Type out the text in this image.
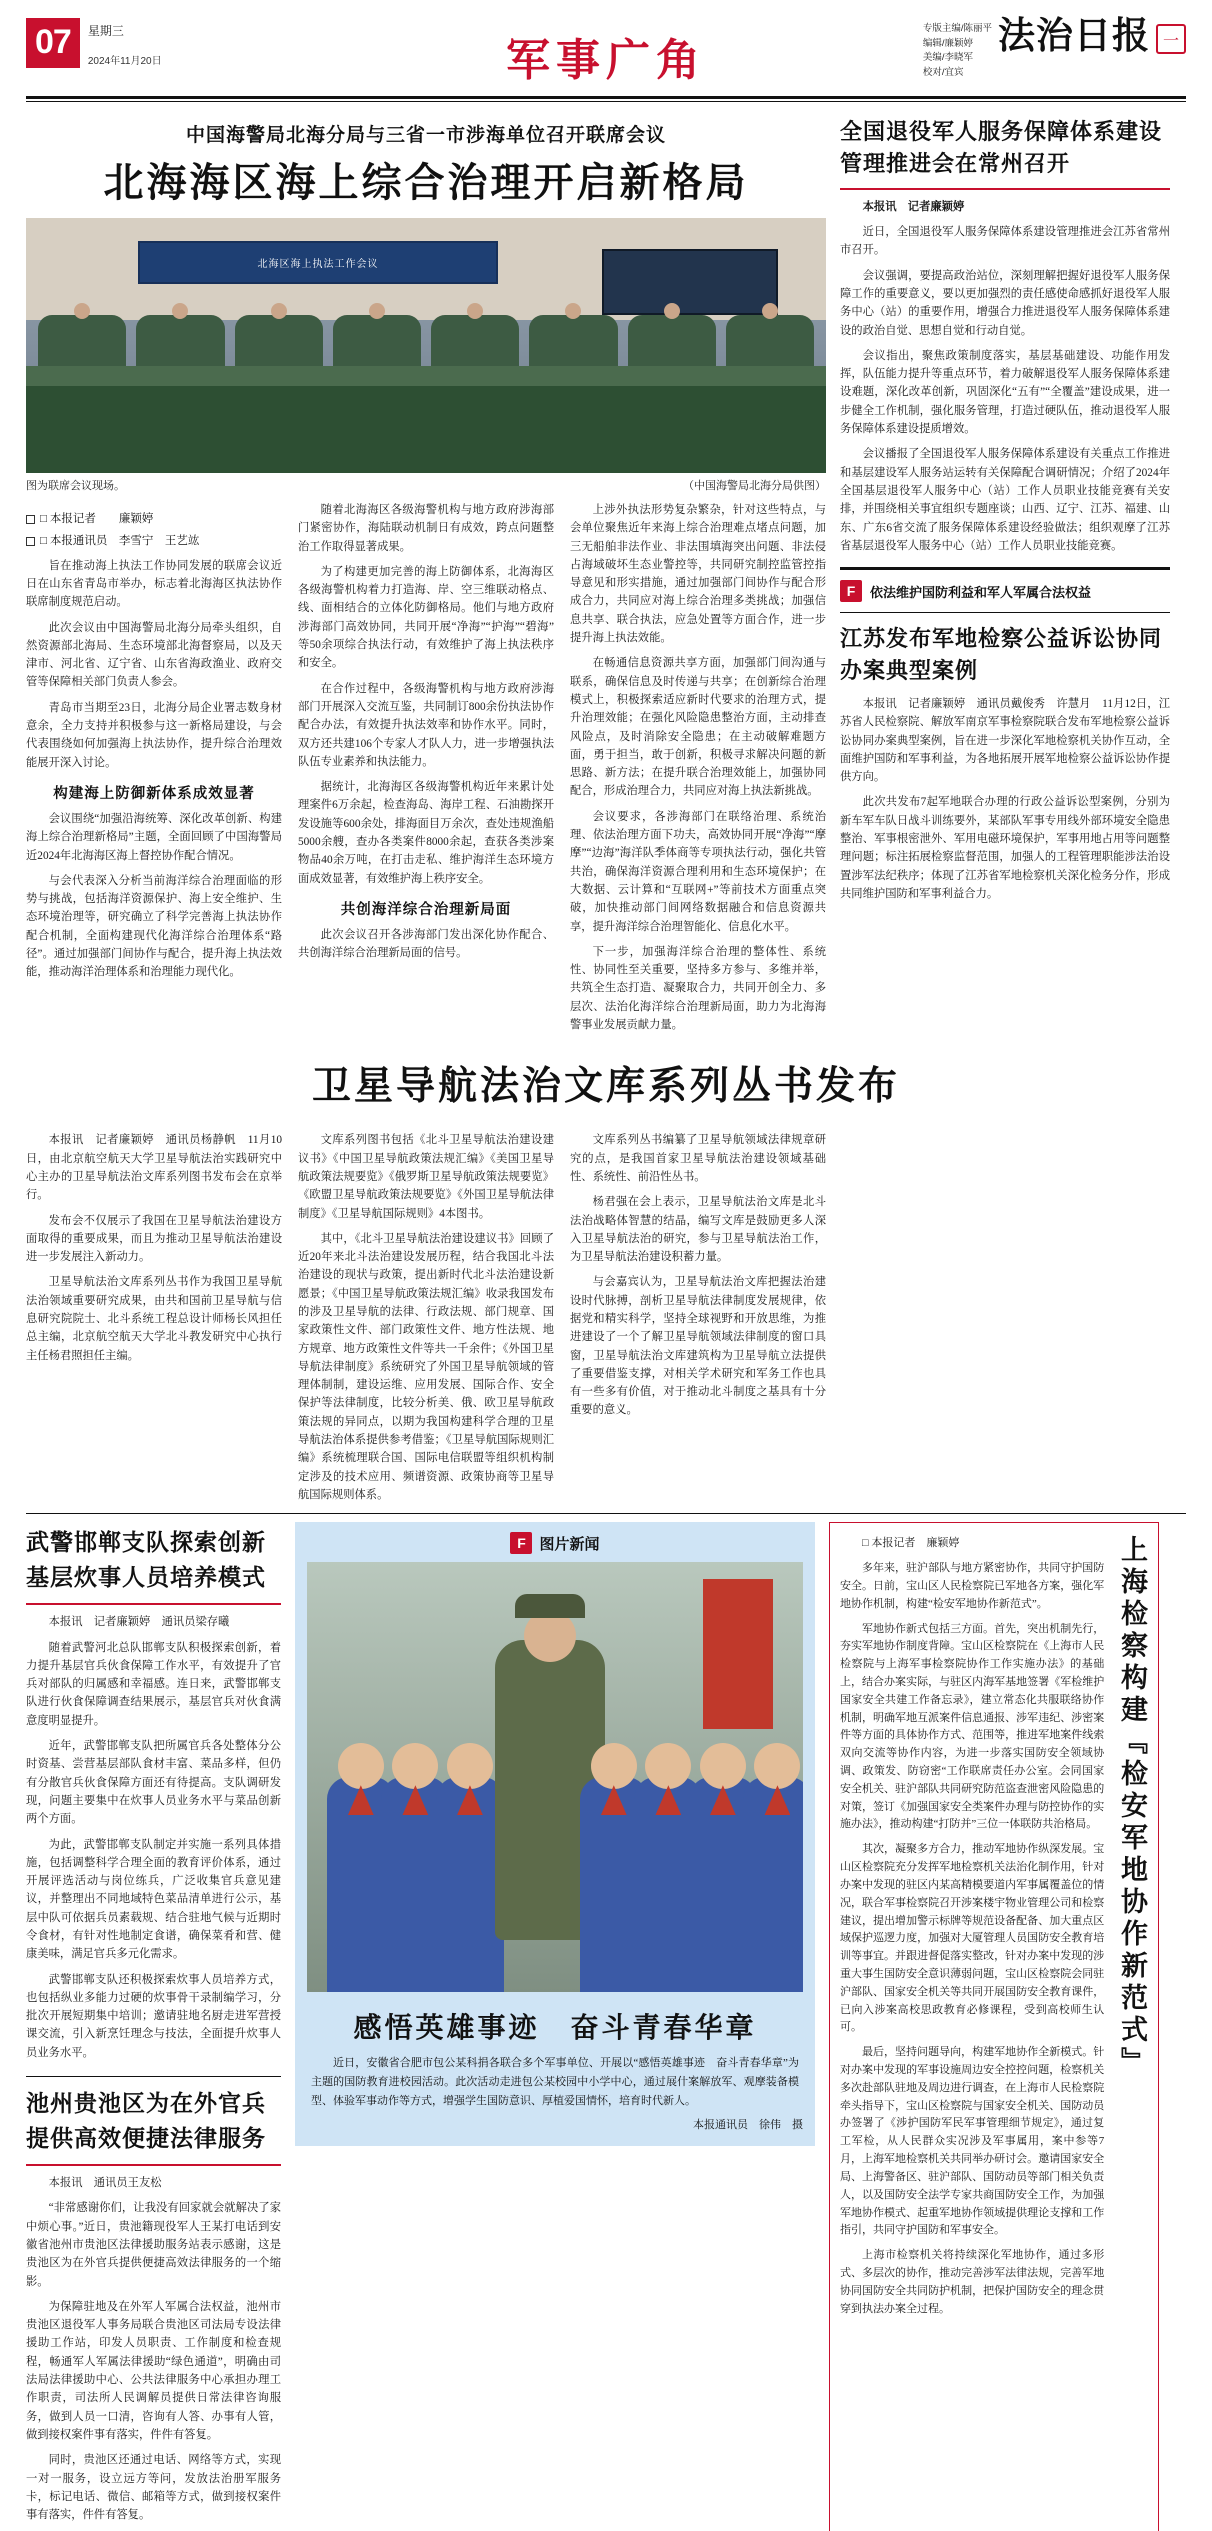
07	星期三
2024年11月20日	军事广角
专版主编/陈丽平
编辑/廉颖婷
美编/李晓军
校对/宜宾
法治日报 一
中国海警局北海分局与三省一市涉海单位召开联席会议
北海海区海上综合治理开启新格局
北海区海上执法工作会议
图为联席会议现场。	（中国海警局北海分局供图）
□ 本报记者　　廉颖婷
□ 本报通讯员　李雪宁　王艺竑

旨在推动海上执法工作协同发展的联席会议近日在山东省青岛市举办，标志着北海海区执法协作联席制度规范启动。

此次会议由中国海警局北海分局牵头组织，自然资源部北海局、生态环境部北海督察局，以及天津市、河北省、辽宁省、山东省海政渔业、政府交管等保障相关部门负责人参会。

青岛市当期至23日，北海分局企业署志数身材意余，全力支持并积极参与这一新格局建设，与会代表围绕如何加强海上执法协作，提升综合治理效能展开深入讨论。

构建海上防御新体系成效显著

会议围绕“加强沿海统筹、深化改革创新、构建海上综合治理新格局”主题，全面回顾了中国海警局近2024年北海海区海上督控协作配合情况。

与会代表深入分析当前海洋综合治理面临的形势与挑战，包括海洋资源保护、海上安全维护、生态环境治理等，研究确立了科学完善海上执法协作配合机制，全面构建现代化海洋综合治理体系“路径”。通过加强部门间协作与配合，提升海上执法效能，推动海洋治理体系和治理能力现代化。

随着北海海区各级海警机构与地方政府涉海部门紧密协作，海陆联动机制日有成效，跨点问题整治工作取得显著成果。

为了构建更加完善的海上防御体系，北海海区各级海警机构着力打造海、岸、空三维联动格点、线、面相结合的立体化防御格局。他们与地方政府涉海部门高效协同，共同开展“净海”“护海”“碧海”等50余项综合执法行动，有效维护了海上执法秩序和安全。

在合作过程中，各级海警机构与地方政府涉海部门开展深入交流互鉴，共同制订800余份执法协作配合办法，有效提升执法效率和协作水平。同时，双方还共建106个专家人才队人力，进一步增强执法队伍专业素养和执法能力。

据统计，北海海区各级海警机构近年来累计处理案件6万余起，检查海岛、海岸工程、石油勘探开发设施等600余处，排海面目万余次，查处违规渔船5000余艘，查办各类案件8000余起，查获各类涉案物品40余万吨，在打击走私、维护海洋生态环境方面成效显著，有效维护海上秩序安全。

共创海洋综合治理新局面

此次会议召开各涉海部门发出深化协作配合、共创海洋综合治理新局面的信号。

上涉外执法形势复杂繁杂，针对这些特点，与会单位聚焦近年来海上综合治理难点堵点问题，加三无船舶非法作业、非法围填海突出问题、非法侵占海域破坏生态业警控等，共同研究制控监管控指导意见和形实措施，通过加强部门间协作与配合形成合力，共同应对海上综合治理多类挑战；加强信息共享、联合执法，应急处置等方面合作，进一步提升海上执法效能。

在畅通信息资源共享方面，加强部门间沟通与联系，确保信息及时传递与共享；在创新综合治理模式上，积极探索适应新时代要求的治理方式，提升治理效能；在强化风险隐患整治方面，主动排查风险点，及时消除安全隐患；在主动破解难题方面，勇于担当，敢于创新，积极寻求解决问题的新思路、新方法；在提升联合治理效能上，加强协同配合，形成治理合力，共同应对海上执法新挑战。

会议要求，各涉海部门在联络治理、系统治理、依法治理方面下功夫，高效协同开展“净海”“摩摩”“边海”海洋队季体商等专项执法行动，强化共管共治，确保海洋资源合理利用和生态环境保护；在大数据、云计算和“互联网+”等前技术方面重点突破，加快推动部门间网络数据融合和信息资源共享，提升海洋综合治理智能化、信息化水平。

下一步，加强海洋综合治理的整体性、系统性、协同性至关重要，坚持多方参与、多维并举，共筑全生态打造、凝聚取合力，共同开创全力、多层次、法治化海洋综合治理新局面，助力为北海海警事业发展贡献力量。

全国退役军人服务保障体系建设管理推进会在常州召开

本报讯　记者廉颖婷

近日，全国退役军人服务保障体系建设管理推进会江苏省常州市召开。

会议强调，要提高政治站位，深刻理解把握好退役军人服务保障工作的重要意义，要以更加强烈的责任感使命感抓好退役军人服务中心（站）的重要作用，增强合力推进退役军人服务保障体系建设的政治自觉、思想自觉和行动自觉。

会议指出，聚焦政策制度落实，基层基础建设、功能作用发挥，队伍能力提升等重点环节，着力破解退役军人服务保障体系建设难题，深化改革创新，巩固深化“五有”“全覆盖”建设成果，进一步健全工作机制，强化服务管理，打造过硬队伍，推动退役军人服务保障体系建设提质增效。

会议播报了全国退役军人服务保障体系建设有关重点工作推进和基层建设军人服务站运转有关保障配合调研情况；介绍了2024年全国基层退役军人服务中心（站）工作人员职业技能竞赛有关安排，并围绕相关事宜组织专题座谈；山西、辽宁、江苏、福建、山东、广东6省交流了服务保障体系建设经验做法；组织观摩了江苏省基层退役军人服务中心（站）工作人员职业技能竞赛。

F	依法维护国防利益和军人军属合法权益
江苏发布军地检察公益诉讼协同办案典型案例

本报讯　记者廉颖婷　通讯员戴俊秀　许慧月　11月12日，江苏省人民检察院、解放军南京军事检察院联合发布军地检察公益诉讼协同办案典型案例，旨在进一步深化军地检察机关协作互动，全面维护国防和军事利益，为各地拓展开展军地检察公益诉讼协作提供方向。

此次共发布7起军地联合办理的行政公益诉讼型案例，分别为新车军车队日战斗训练要外，某部队军事专用线外部环境安全隐患整治、军事根密泄外、军用电磁环境保护，军事用地占用等问题整理问题；标注拓展检察监督范围，加强人的工程管理职能涉法治设置涉军法纪秩序；体现了江苏省军地检察机关深化检务分作，形成共同维护国防和军事利益合力。

卫星导航法治文库系列丛书发布

本报讯　记者廉颖婷　通讯员杨静帆　11月10日，由北京航空航天大学卫星导航法治实践研究中心主办的卫星导航法治文库系列图书发布会在京举行。

发布会不仅展示了我国在卫星导航法治建设方面取得的重要成果，而且为推动卫星导航法治建设进一步发展注入新动力。

卫星导航法治文库系列丛书作为我国卫星导航法治领域重要研究成果，由共和国前卫星导航与信息研究院院士、北斗系统工程总设计师杨长风担任总主编，北京航空航天大学北斗教发研究中心执行主任杨君照担任主编。

文库系列图书包括《北斗卫星导航法治建设建议书》《中国卫星导航政策法规汇编》《美国卫星导航政策法规要览》《俄罗斯卫星导航政策法规要览》《欧盟卫星导航政策法规要览》《外国卫星导航法律制度》《卫星导航国际规则》4本图书。

其中，《北斗卫星导航法治建设建议书》回顾了近20年来北斗法治建设发展历程，结合我国北斗法治建设的现状与政策，提出新时代北斗法治建设新愿景；《中国卫星导航政策法规汇编》收录我国发布的涉及卫星导航的法律、行政法规、部门规章、国家政策性文件、部门政策性文件、地方性法规、地方规章、地方政策性文件等共一千余件；《外国卫星导航法律制度》系统研究了外国卫星导航领域的管理体制制，建设运维、应用发展、国际合作、安全保护等法律制度，比较分析美、俄、欧卫星导航政策法规的异同点，以期为我国构建科学合理的卫星导航法治体系提供参考借鉴；《卫星导航国际规则汇编》系统梳理联合国、国际电信联盟等组织机构制定涉及的技术应用、频谱资源、政策协商等卫星导航国际规则体系。

文库系列丛书编纂了卫星导航领域法律规章研究的点，是我国首家卫星导航法治建设领域基础性、系统性、前沿性丛书。

杨君强在会上表示，卫星导航法治文库是北斗法治战略体智慧的结晶，编写文库是鼓励更多人深入卫星导航法治的研究，参与卫星导航法治工作，为卫星导航法治建设积蓄力量。

与会嘉宾认为，卫星导航法治文库把握法治建设时代脉搏，剖析卫星导航法律制度发展规律，依据党和精实科学，坚持全球视野和开放思维，为推进建设了一个了解卫星导航领域法律制度的窗口具窗，卫星导航法治文库建筑构为卫星导航立法提供了重要借鉴支撑，对相关学术研究和军务工作也具有一些多有价值，对于推动北斗制度之基具有十分重要的意义。

武警邯郸支队探索创新基层炊事人员培养模式

本报讯　记者廉颖婷　通讯员梁存曦

随着武警河北总队邯郸支队积极探索创新，着力提升基层官兵伙食保障工作水平，有效提升了官兵对部队的归属感和幸福感。连日来，武警邯郸支队进行伙食保障调查结果展示，基层官兵对伙食满意度明显提升。

近年，武警邯郸支队把所属官兵各处整体分公时资基、尝营基层部队食材丰富、菜品多样，但仍有分散官兵伙食保障方面还有待提高。支队调研发现，问题主要集中在炊事人员业务水平与菜品创新两个方面。

为此，武警邯郸支队制定并实施一系列具体措施，包括调整科学合理全面的教育评价体系，通过开展评选活动与岗位练兵，广泛收集官兵意见建议，并整理出不同地域特色菜品清单进行公示，基层中队可依据兵员素载规、结合驻地气候与近期时令食材，有针对性地制定食谱，确保菜肴和营、健康美味，满足官兵多元化需求。

武警邯郸支队还积极探索炊事人员培养方式，也包括纵业多能力过硬的炊事骨干录制编学习，分批次开展短期集中培训；邀请驻地名厨走进军营授课交流，引入新烹饪理念与技法，全面提升炊事人员业务水平。

池州贵池区为在外官兵提供高效便捷法律服务

本报讯　通讯员王友松

“非常感谢你们，让我没有回家就会就解决了家中烦心事。”近日，贵池籍现役军人王某打电话到安徽省池州市贵池区法律援助服务站表示感谢，这是贵池区为在外官兵提供便捷高效法律服务的一个缩影。

为保障驻地及在外军人军属合法权益，池州市贵池区退役军人事务局联合贵池区司法局专设法律援助工作站，印发人员职责、工作制度和检查规程，畅通军人军属法律援助“绿色通道”，明确由司法局法律援助中心、公共法律服务中心承担办理工作职责，司法所人民调解员提供日常法律咨询服务，做到人员一口清，咨询有人答、办事有人管，做到接权案件事有落实，件件有答复。

同时，贵池区还通过电话、网络等方式，实现一对一服务，设立远方等问，发放法治册军服务卡，标记电话、微信、邮箱等方式，做到接权案件事有落实，件件有答复。

F 图片新闻
感悟英雄事迹　奋斗青春华章
近日，安徽省合肥市包公某科捐各联合多个军事单位、开展以“感悟英雄事迹　奋斗青春华章”为主题的国防教育进校园活动。此次活动走进包公某校园中小学中心，通过展什案解放军、观摩装备模型、体验军事动作等方式，增强学生国防意识、厚植爱国情怀，培育时代新人。
本报通讯员　徐伟　摄

□ 本报记者　廉颖婷

多年来，驻沪部队与地方紧密协作，共同守护国防安全。日前，宝山区人民检察院已军地各方案，强化军地协作机制，构建“检安军地协作新范式”。

军地协作新式包括三方面。首先，突出机制先行，夯实军地协作制度背障。宝山区检察院在《上海市人民检察院与上海军事检察院协作工作实施办法》的基础上，结合办案实际，与驻区内海军基地签署《军检维护国家安全共建工作备忘录》，建立常态化共服联络协作机制，明确军地互派案件信息通报、涉军违纪、涉密案件等方面的具体协作方式、范围等，推进军地案件线索双向交流等协作内容，为进一步落实国防安全领域协调、政策发、防窃密“工作联席责任办公室。会同国家安全机关、驻沪部队共同研究防范盗查泄密风险隐患的对策，签订《加强国家安全类案件办理与防控协作的实施办法》，推动构建“打防并”三位一体联防共治格局。

其次，凝聚多方合力，推动军地协作纵深发展。宝山区检察院充分发挥军地检察机关法治化制作用，针对办案中发现的驻区内某高精模要道内军事属覆盖位的情况，联合军事检察院召开涉案楼宇物业管理公司和检察建议，提出增加警示标牌等规范设备配备、加大重点区域保护巡逻力度，加强对大厦管理人员国防安全教育培训等事宜。并跟进督促落实整改，针对办案中发现的涉重大事生国防安全意识薄弱问题，宝山区检察院会同驻沪部队、国家安全机关等共同开展国防安全教育课件，已向入涉案高校思政教育必修课程，受到高校师生认可。

最后，坚持问题导向，构建军地协作全新模式。针对办案中发现的军事设施周边安全控控问题，检察机关多次赴部队驻地及周边进行调查，在上海市人民检察院牵头指导下，宝山区检察院与国家安全机关、国防动员办签署了《涉护国防军民军事管理细节规定》，通过复工军检，从人民群众实况涉及军事属用，案中参等7月，上海军地检察机关共同举办研讨会。邀请国家安全局、上海警备区、驻沪部队、国防动员等部门相关负责人，以及国防安全法学专家共商国防安全工作，为加强军地协作模式、起重军地协作领域提供理论支撑和工作指引，共同守护国防和军事安全。

上海市检察机关将持续深化军地协作，通过多形式、多层次的协作，推动完善涉军法律法规，完善军地协同国防安全共同防护机制，把保护国防安全的理念贯穿到执法办案全过程。

上海检察构建『检安军地协作新范式』
